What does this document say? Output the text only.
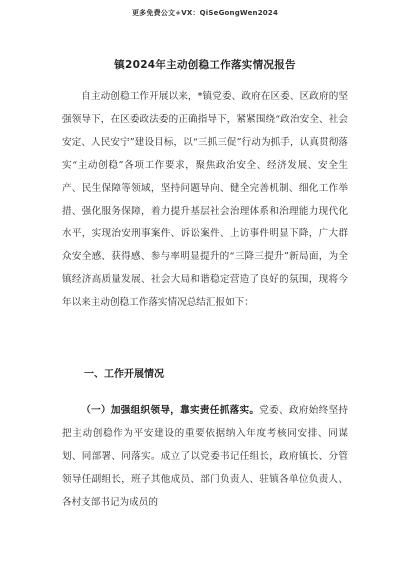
更多免费公文+VX：QiSeGongWen2024
镇2024年主动创稳工作落实情况报告

自主动创稳工作开展以来，*镇党委、政府在区委、区政府的坚强领导下，在区委政法委的正确指导下，紧紧围绕“政治安全、社会安定、人民安宁”建设目标，以“三抓三促”行动为抓手，认真贯彻落实“主动创稳”各项工作要求，聚焦政治安全、经济发展、安全生产、民生保障等领域，坚持问题导向、健全完善机制、细化工作举措、强化服务保障，着力提升基层社会治理体系和治理能力现代化水平，实现治安刑事案件、诉讼案件、上访事件明显下降，广大群众安全感、获得感、参与率明显提升的“三降三提升”新局面，为全镇经济高质量发展、社会大局和谐稳定营造了良好的氛围，现将今年以来主动创稳工作落实情况总结汇报如下：

一、工作开展情况

（一）加强组织领导，靠实责任抓落实。党委、政府始终坚持把主动创稳作为平安建设的重要依据纳入年度考核同安排、同谋划、同部署、同落实。成立了以党委书记任组长，政府镇长、分管领导任副组长，班子其他成员、部门负责人、驻镇各单位负责人、各村支部书记为成员的
